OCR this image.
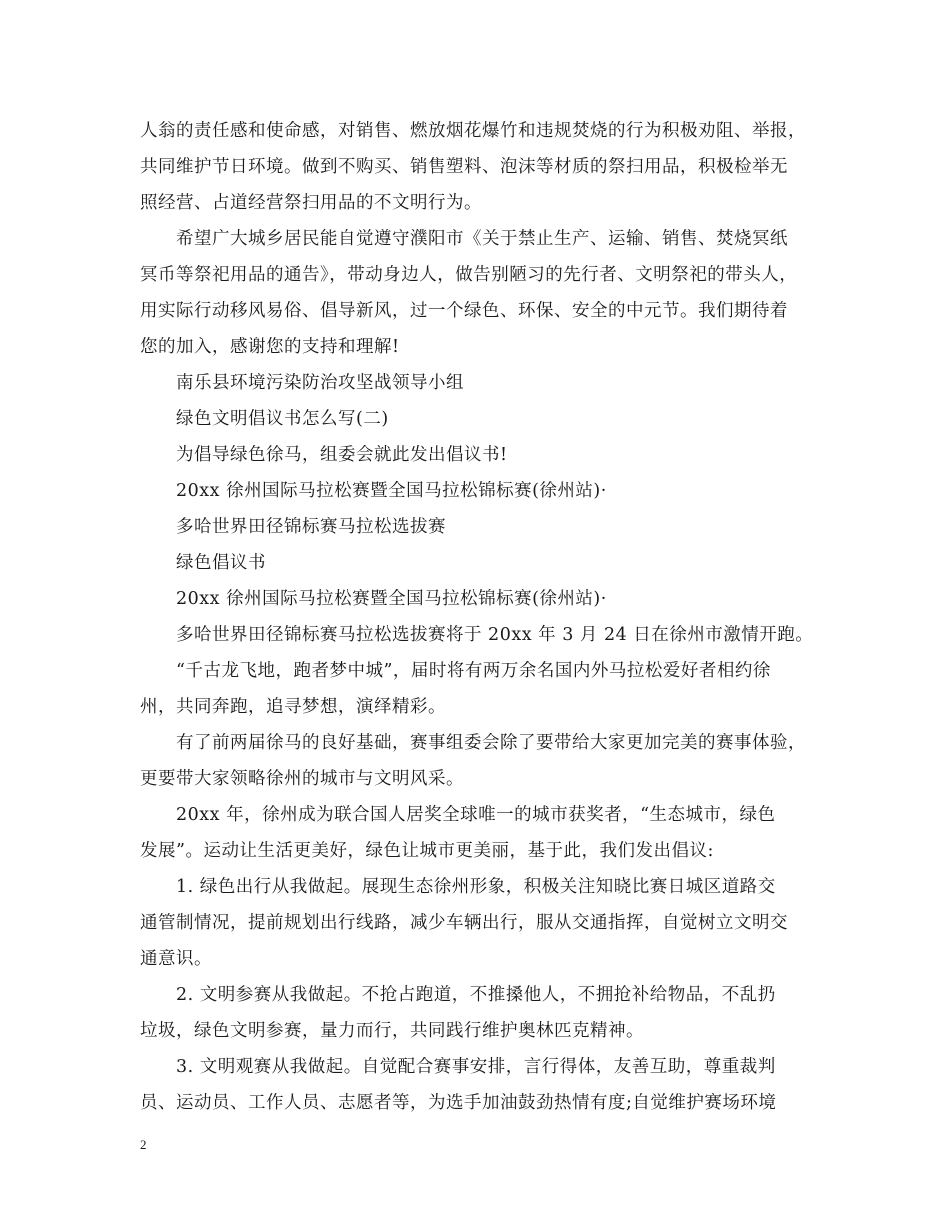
人翁的责任感和使命感，对销售、燃放烟花爆竹和违规焚烧的行为积极劝阻、举报，
共同维护节日环境。做到不购买、销售塑料、泡沫等材质的祭扫用品，积极检举无
照经营、占道经营祭扫用品的不文明行为。
希望广大城乡居民能自觉遵守濮阳市《关于禁止生产、运输、销售、焚烧冥纸
冥币等祭祀用品的通告》，带动身边人，做告别陋习的先行者、文明祭祀的带头人，
用实际行动移风易俗、倡导新风，过一个绿色、环保、安全的中元节。我们期待着
您的加入，感谢您的支持和理解!
南乐县环境污染防治攻坚战领导小组
绿色文明倡议书怎么写(二)
为倡导绿色徐马，组委会就此发出倡议书!
20xx 徐州国际马拉松赛暨全国马拉松锦标赛(徐州站)·
多哈世界田径锦标赛马拉松选拔赛
绿色倡议书
20xx 徐州国际马拉松赛暨全国马拉松锦标赛(徐州站)·
多哈世界田径锦标赛马拉松选拔赛将于 20xx 年 3 月 24 日在徐州市激情开跑。
“千古龙飞地，跑者梦中城”，届时将有两万余名国内外马拉松爱好者相约徐
州，共同奔跑，追寻梦想，演绎精彩。
有了前两届徐马的良好基础，赛事组委会除了要带给大家更加完美的赛事体验，
更要带大家领略徐州的城市与文明风采。
20xx 年，徐州成为联合国人居奖全球唯一的城市获奖者，“生态城市，绿色
发展”。运动让生活更美好，绿色让城市更美丽，基于此，我们发出倡议:
1. 绿色出行从我做起。展现生态徐州形象，积极关注知晓比赛日城区道路交
通管制情况，提前规划出行线路，减少车辆出行，服从交通指挥，自觉树立文明交
通意识。
2. 文明参赛从我做起。不抢占跑道，不推搡他人，不拥抢补给物品，不乱扔
垃圾，绿色文明参赛，量力而行，共同践行维护奥林匹克精神。
3. 文明观赛从我做起。自觉配合赛事安排，言行得体，友善互助，尊重裁判
员、运动员、工作人员、志愿者等，为选手加油鼓劲热情有度;自觉维护赛场环境
2
